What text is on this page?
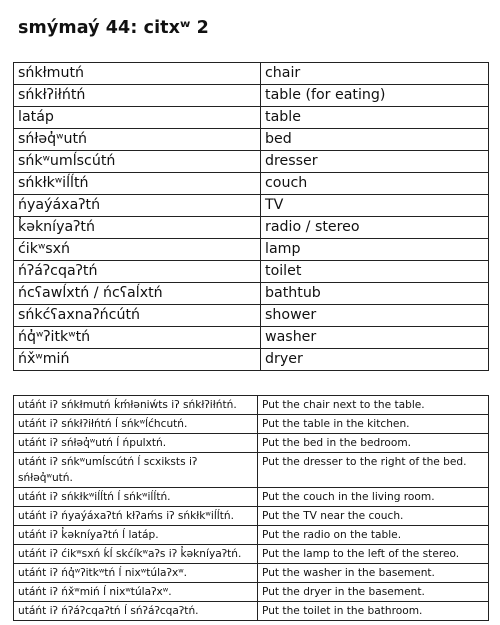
smýmaý 44: citxʷ 2
sńkłmutń	chair
sńkłʔiłńtń	table (for eating)
latáp	table
sńłəq̓ʷutń	bed
sńkʷumĺscútń	dresser
sńkłkʷiĺĺtń	couch
ńyaýáxaʔtń	TV
k̓əkníyaʔtń	radio / stereo
ćikʷsxń	lamp
ńʔáʔcqaʔtń	toilet
ńcʕawĺxtń / ńcʕaĺxtń	bathtub
sńkćʕaxnaʔńcútń	shower
ńq̓ʷʔitkʷtń	washer
ńx̌ʷmiń	dryer
utáńt iʔ sńkłmutń ḱḿłəniẃts iʔ sńkłʔiłńtń.	Put the chair next to the table.
utáńt iʔ sńkłʔiłńtń ĺ sńkʷĺćhcutń.	Put the table in the kitchen.
utáńt iʔ sńłəq̓ʷutń ĺ ńpulxtń.	Put the bed in the bedroom.
utáńt iʔ sńkʷumĺscútń ĺ scxiksts iʔ sńłəq̓ʷutń.	Put the dresser to the right of the bed.
utáńt iʔ sńkłkʷiĺĺtń ĺ sńkʷiĺĺtń.	Put the couch in the living room.
utáńt iʔ ńyaýáxaʔtń kłʔaḿs iʔ sńkłkʷiĺĺtń.	Put the TV near the couch.
utáńt iʔ k̓əkníyaʔtń ĺ latáp.	Put the radio on the table.
utáńt iʔ ćikʷsxń ḱĺ skćíkʷaʔs iʔ k̓əkníyaʔtń.	Put the lamp to the left of the stereo.
utáńt iʔ ńq̓ʷʔitkʷtń ĺ nixʷtúlaʔxʷ.	Put the washer in the basement.
utáńt iʔ ńx̌ʷmiń ĺ nixʷtúlaʔxʷ.	Put the dryer in the basement.
utáńt iʔ ńʔáʔcqaʔtń ĺ sńʔáʔcqaʔtń.	Put the toilet in the bathroom.
